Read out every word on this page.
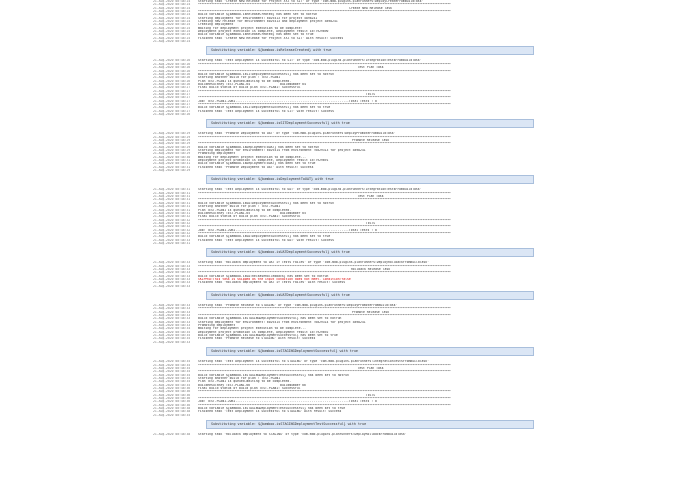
21-Aug-2020 00:48:24	Starting task 'Create New Release for Project XYZ to SIT' of type 'com.mdb.plugins.planrunners:DeployCreateFromBuildTask'
21-Aug-2020 00:48:24	********************************************************************************************************************************************************
21-Aug-2020 00:48:24	Create New Release Task
21-Aug-2020 00:48:24	********************************************************************************************************************************************************
21-Aug-2020 00:48:24	Build variable ${bamboo.isReleaseCreated} has been set to notrun
21-Aug-2020 00:48:24	Starting deployment for environment: 6029313 for project 5898241
21-Aug-2020 00:48:24	Creating new release for environment 6029313 and deployment project 5898241
21-Aug-2020 00:48:25	Creating deployment
21-Aug-2020 00:48:25	Waiting for deployment project execution to be complete:
21-Aug-2020 00:48:25	Deployment project execution is complete, Deployment result id:7929890
21-Aug-2020 00:48:25	Build variable ${bamboo.isReleaseCreated} has been set to true
21-Aug-2020 00:48:25	Finished task 'Create New Release for Project XYZ to SIT' with result: Success
21-Aug-2020 00:48:24
Substituting variable: ${bamboo.isReleaseCreated} with true
21-Aug-2020 00:48:26	Starting task 'Test Deployment is Successful to SIT' of type 'com.mdb.plugins.planrunners:IntegrationTestsFromBuildTask'
21-Aug-2020 00:48:26	********************************************************************************************************************************************************
21-Aug-2020 00:48:26	Test Plan Task
21-Aug-2020 00:48:26	********************************************************************************************************************************************************
21-Aug-2020 00:48:26	Build variable ${bamboo.isSITDeploymentSuccessful} has been set to notrun
21-Aug-2020 00:48:26	Starting another build for plan : TEST-PLAN1
21-Aug-2020 00:48:26	Plan TEST-PLAN1 is queued.Waiting to be completed.
21-Aug-2020 00:48:26	BuildResultKey TEST-PLAN1-64                BuildNumber 64
21-Aug-2020 00:48:27	Final build status of build plan TEST-PLAN1: Successful
21-Aug-2020 00:48:27	********************************************************************************************************************************************************
21-Aug-2020 00:48:27	TESTS
21-Aug-2020 00:48:27	********************************************************************************************************************************************************
21-Aug-2020 00:48:27	Job: TEST-PLAN1-JOB1.............................................................Total Tests : 0
21-Aug-2020 00:48:27	********************************************************************************************************************************************************
21-Aug-2020 00:48:27	Build variable ${bamboo.isSITDeploymentSuccessful} has been set to true
21-Aug-2020 00:48:27	Finished task 'Test Deployment is Successful to SIT' with result: Success
21-Aug-2020 00:48:26
Substituting variable: ${bamboo.isSITDeploymentSuccessful} with true
21-Aug-2020 00:48:29	Starting task 'Promote Deployment to UAT' of type 'com.mdb.plugins.planrunners:DeployPromoteFromBuildTask'
21-Aug-2020 00:48:29	********************************************************************************************************************************************************
21-Aug-2020 00:48:29	Promote Release Task
21-Aug-2020 00:48:29	********************************************************************************************************************************************************
21-Aug-2020 00:48:29	Build variable ${bamboo.isDeploymentToUAT} has been set to notrun
21-Aug-2020 00:48:29	Starting deployment for environment: 6029314 from environment :6029313 for project 5898241
21-Aug-2020 00:48:29	Promoting deployment
21-Aug-2020 00:48:30	Waiting for deployment project execution to be complete...
21-Aug-2020 00:48:31	Deployment project promotion is complete, Deployment result id:7929891
21-Aug-2020 00:48:31	Build variable ${bamboo.isDeploymentToUAT} has been set to true
21-Aug-2020 00:48:31	Finished task 'Promote Deployment to UAT' with result: Success
21-Aug-2020 00:48:29
Substituting variable: ${bamboo.isDeploymentToUAT} with true
21-Aug-2020 00:48:31	Starting task 'Test Deployment is Successful to UAT' of type 'com.mdb.plugins.planrunners:IntegrationTestsFromBuildTask'
21-Aug-2020 00:48:31	********************************************************************************************************************************************************
21-Aug-2020 00:48:31	Test Plan Task
21-Aug-2020 00:48:31	********************************************************************************************************************************************************
21-Aug-2020 00:48:31	Build variable ${bamboo.isUATDeploymentSuccessful} has been set to notrun
21-Aug-2020 00:48:31	Starting another build for plan : TEST-PLAN1
21-Aug-2020 00:48:31	Plan TEST-PLAN1 is queued.Waiting to be completed.
21-Aug-2020 00:48:31	BuildResultKey TEST-PLAN1-65                BuildNumber 65
21-Aug-2020 00:48:32	Final build status of build plan TEST-PLAN1: Successful
21-Aug-2020 00:48:32	********************************************************************************************************************************************************
21-Aug-2020 00:48:32	TESTS
21-Aug-2020 00:48:32	********************************************************************************************************************************************************
21-Aug-2020 00:48:32	Job: TEST-PLAN1-JOB1.............................................................Total Tests : 0
21-Aug-2020 00:48:32	********************************************************************************************************************************************************
21-Aug-2020 00:48:33	Build variable ${bamboo.isUATDeploymentSuccessful} has been set to true
21-Aug-2020 00:48:33	Finished task 'Test Deployment is Successful to UAT' with result: Success
21-Aug-2020 00:48:31
Substituting variable: ${bamboo.isUATDeploymentSuccessful} with true
21-Aug-2020 00:48:33	Starting task 'Rollback deployment to UAT if Tests Failes' of type 'com.mdb.plugins.planrunners:DeployRollbackFromBuildTask'
21-Aug-2020 00:48:33	********************************************************************************************************************************************************
21-Aug-2020 00:48:33	Rollback Release Task
21-Aug-2020 00:48:33	********************************************************************************************************************************************************
21-Aug-2020 00:48:33	Build variable ${bamboo.isUATReleaseRolledBack} has been set to notrun
21-Aug-2020 00:48:33	SKIPPED:This task is skipped as the input condition does not meet. Condition:false
21-Aug-2020 00:48:33	Finished task 'Rollback deployment to UAT if Tests Failes' with result: Success
21-Aug-2020 00:48:33
Substituting variable: ${bamboo.isUATDeploymentSuccessful} with true
21-Aug-2020 00:48:33	Starting task 'Promote Release to STAGING' of type 'com.mdb.plugins.planrunners:DeployPromoteFromBuildTask'
21-Aug-2020 00:48:33	********************************************************************************************************************************************************
21-Aug-2020 00:48:33	Promote Release Task
21-Aug-2020 00:48:33	********************************************************************************************************************************************************
21-Aug-2020 00:48:33	Build variable ${bamboo.isSTAGINGDeploymentSuccessful} has been set to notrun
21-Aug-2020 00:48:33	Starting deployment for environment: 6029315 from environment :6029314 for project 5898241
21-Aug-2020 00:48:33	Promoting deployment
21-Aug-2020 00:48:34	Waiting for deployment project execution to be complete...
21-Aug-2020 00:48:35	Deployment project promotion is complete, Deployment result id:7929892
21-Aug-2020 00:48:35	Build variable ${bamboo.isSTAGINGDeploymentSuccessful} has been set to true
21-Aug-2020 00:48:35	Finished task 'Promote Release to STAGING' with result: Success
21-Aug-2020 00:48:33
Substituting variable: ${bamboo.isSTAGINGDeploymentSuccessful} with true
21-Aug-2020 00:48:35	Starting task 'Test Deployment is Successful to STAGING' of type 'com.mdb.plugins.planrunners:IntegrationTestsFromBuildTask'
21-Aug-2020 00:48:35	********************************************************************************************************************************************************
21-Aug-2020 00:48:35	Test Plan Task
21-Aug-2020 00:48:35	********************************************************************************************************************************************************
21-Aug-2020 00:48:35	Build variable ${bamboo.isSTAGINGDeploymentTestSuccessful} has been set to notrun
21-Aug-2020 00:48:35	Starting another build for plan : TEST-PLAN1
21-Aug-2020 00:48:35	Plan TEST-PLAN1 is queued.Waiting to be completed.
21-Aug-2020 00:48:35	BuildResultKey TEST-PLAN1-66                BuildNumber 66
21-Aug-2020 00:48:36	Final build status of build plan TEST-PLAN1: Successful
21-Aug-2020 00:48:36	********************************************************************************************************************************************************
21-Aug-2020 00:48:36	TESTS
21-Aug-2020 00:48:36	********************************************************************************************************************************************************
21-Aug-2020 00:48:36	Job: TEST-PLAN1-JOB1.............................................................Total Tests : 0
21-Aug-2020 00:48:36	********************************************************************************************************************************************************
21-Aug-2020 00:48:38	Build variable ${bamboo.isSTAGINGDeploymentTestSuccessful} has been set to true
21-Aug-2020 00:48:38	Finished task 'Test Deployment is Successful to STAGING' with result: Success
21-Aug-2020 00:48:35
Substituting variable: ${bamboo.isSTAGINGDeploymentTestSuccessful} with true
21-Aug-2020 00:48:38	Starting task 'Rollback deployment to STAGING' of type 'com.mdb.plugins.planrunners:DeployRollbackFromBuildTask'
